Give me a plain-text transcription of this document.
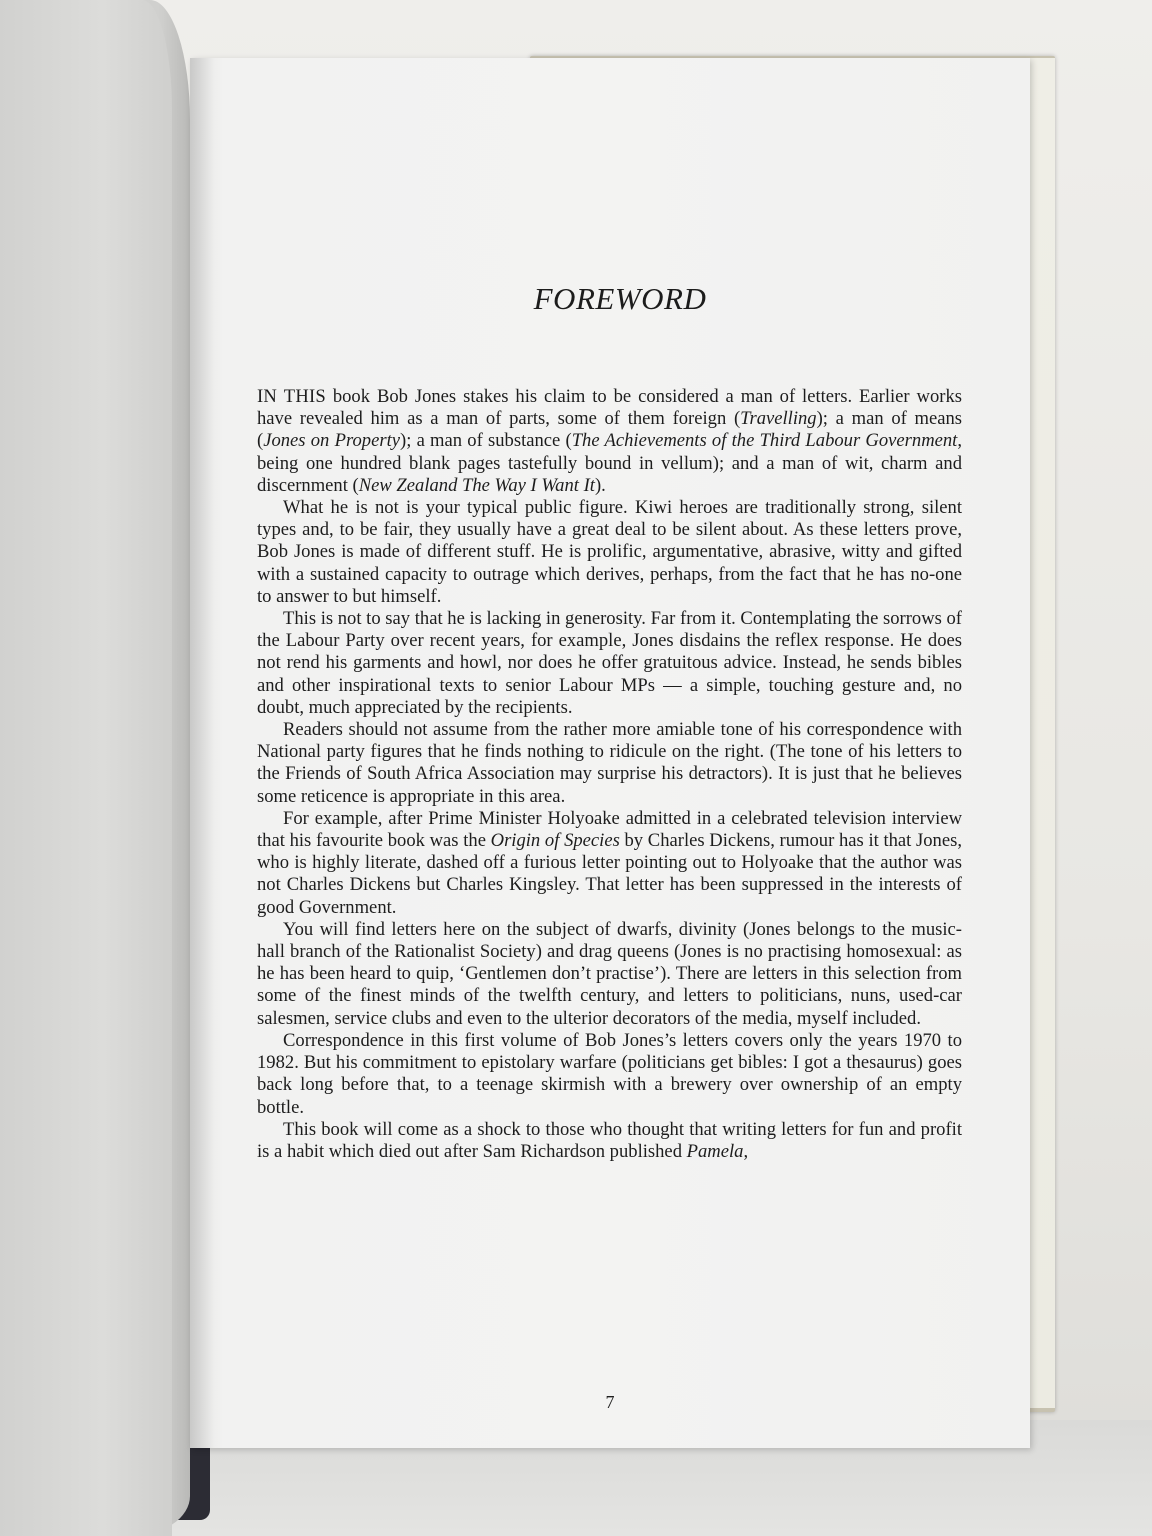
FOREWORD

IN THIS book Bob Jones stakes his claim to be considered a man of letters. Earlier works have revealed him as a man of parts, some of them foreign (Travelling); a man of means (Jones on Property); a man of substance (The Achievements of the Third Labour Government, being one hundred blank pages tastefully bound in vellum); and a man of wit, charm and discernment (New Zealand The Way I Want It).

What he is not is your typical public figure. Kiwi heroes are traditionally strong, silent types and, to be fair, they usually have a great deal to be silent about. As these letters prove, Bob Jones is made of different stuff. He is prolific, argumentative, abrasive, witty and gifted with a sustained capacity to outrage which derives, perhaps, from the fact that he has no-one to answer to but himself.

This is not to say that he is lacking in generosity. Far from it. Contemplating the sorrows of the Labour Party over recent years, for example, Jones disdains the reflex response. He does not rend his garments and howl, nor does he offer gratuitous advice. Instead, he sends bibles and other inspirational texts to senior Labour MPs — a simple, touching gesture and, no doubt, much appreciated by the recipients.

Readers should not assume from the rather more amiable tone of his correspondence with National party figures that he finds nothing to ridicule on the right. (The tone of his letters to the Friends of South Africa Association may surprise his detractors). It is just that he believes some reticence is appropriate in this area.

For example, after Prime Minister Holyoake admitted in a celebrated television interview that his favourite book was the Origin of Species by Charles Dickens, rumour has it that Jones, who is highly literate, dashed off a furious letter pointing out to Holyoake that the author was not Charles Dickens but Charles Kingsley. That letter has been suppressed in the interests of good Government.

You will find letters here on the subject of dwarfs, divinity (Jones belongs to the music-hall branch of the Rationalist Society) and drag queens (Jones is no practising homosexual: as he has been heard to quip, ‘Gentlemen don’t practise’). There are letters in this selection from some of the finest minds of the twelfth century, and letters to politicians, nuns, used-car salesmen, service clubs and even to the ulterior decorators of the media, myself included.

Correspondence in this first volume of Bob Jones’s letters covers only the years 1970 to 1982. But his commitment to epistolary warfare (politicians get bibles: I got a thesaurus) goes back long before that, to a teenage skirmish with a brewery over ownership of an empty bottle.

This book will come as a shock to those who thought that writing letters for fun and profit is a habit which died out after Sam Richardson published Pamela,

7
